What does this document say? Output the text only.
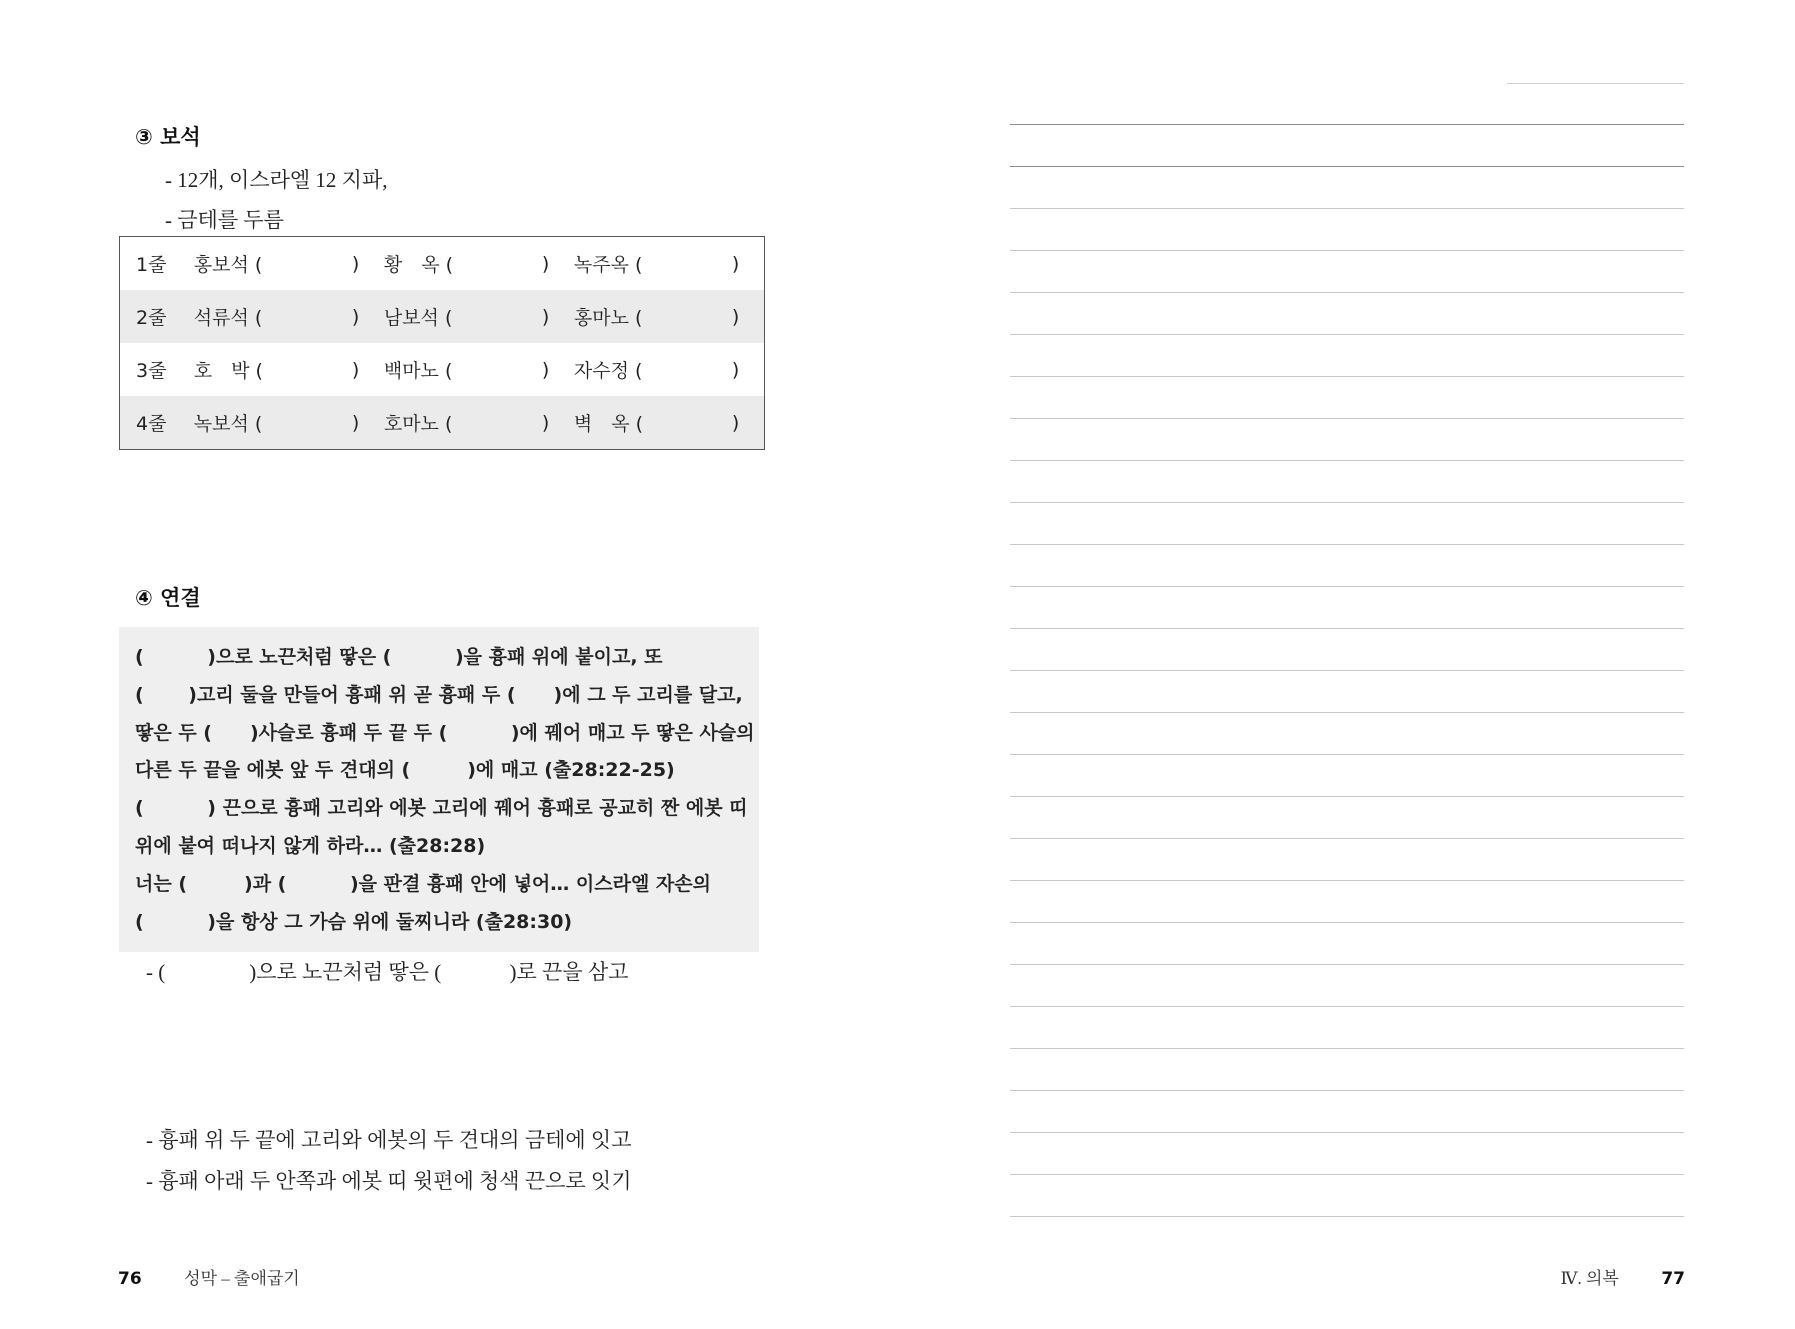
③ 보석
- 12개, 이스라엘 12 지파,
- 금테를 두름
1줄	홍보석 (		)	황　옥 (		)	녹주옥 (		)
2줄	석류석 (		)	남보석 (		)	홍마노 (		)
3줄	호　박 (		)	백마노 (		)	자수정 (		)
4줄	녹보석 (		)	호마노 (		)	벽　옥 (		)
④ 연결
(　　　 )으로 노끈처럼 땋은 (　　　 )을 흉패 위에 붙이고, 또
(　 　)고리 둘을 만들어 흉패 위 곧 흉패 두 (　　)에 그 두 고리를 달고,
땋은 두 (　　)사슬로 흉패 두 끝 두 (　　　 )에 꿰어 매고 두 땋은 사슬의
다른 두 끝을 에봇 앞 두 견대의 (　　　)에 매고 (출28:22-25)
(　　　 ) 끈으로 흉패 고리와 에봇 고리에 꿰어 흉패로 공교히 짠 에봇 띠
위에 붙여 떠나지 않게 하라… (출28:28)
너는 (　　　)과 (　　　 )을 판결 흉패 안에 넣어… 이스라엘 자손의
(　　　 )을 항상 그 가슴 위에 둘찌니라 (출28:30)
- (　　　　)으로 노끈처럼 땋은 (　　　 )로 끈을 삼고
- 흉패 위 두 끝에 고리와 에봇의 두 견대의 금테에 잇고
- 흉패 아래 두 안쪽과 에봇 띠 윗편에 청색 끈으로 잇기
76	성막 – 출애굽기	Ⅳ. 의복	77
